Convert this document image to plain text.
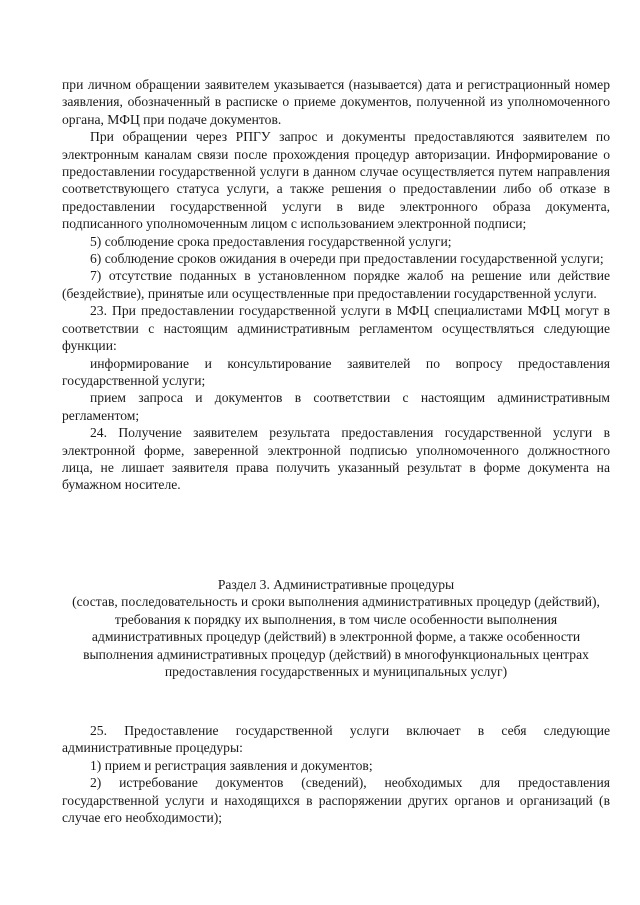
при личном обращении заявителем указывается (называется) дата и регистрационный номер заявления, обозначенный в расписке о приеме документов, полученной из уполномоченного органа, МФЦ при подаче документов.

При обращении через РПГУ запрос и документы предоставляются заявителем по электронным каналам связи после прохождения процедур авторизации. Информирование о предоставлении государственной услуги в данном случае осуществляется путем направления соответствующего статуса услуги, а также решения о предоставлении либо об отказе в предоставлении государственной услуги в виде электронного образа документа, подписанного уполномоченным лицом с использованием электронной подписи;

5) соблюдение срока предоставления государственной услуги;

6) соблюдение сроков ожидания в очереди при предоставлении государственной услуги;

7) отсутствие поданных в установленном порядке жалоб на решение или действие (бездействие), принятые или осуществленные при предоставлении государственной услуги.

23. При предоставлении государственной услуги в МФЦ специалистами МФЦ могут в соответствии с настоящим административным регламентом осуществляться следующие функции:

информирование и консультирование заявителей по вопросу предоставления государственной услуги;

прием запроса и документов в соответствии с настоящим административным регламентом;

24. Получение заявителем результата предоставления государственной услуги в электронной форме, заверенной электронной подписью уполномоченного должностного лица, не лишает заявителя права получить указанный результат в форме документа на бумажном носителе.

Раздел 3. Административные процедуры

(состав, последовательность и сроки выполнения административных процедур (действий), требования к порядку их выполнения, в том числе особенности выполнения административных процедур (действий) в электронной форме, а также особенности выполнения административных процедур (действий) в многофункциональных центрах предоставления государственных и муниципальных услуг)

25. Предоставление государственной услуги включает в себя следующие административные процедуры:

1) прием и регистрация заявления и документов;

2) истребование документов (сведений), необходимых для предоставления государственной услуги и находящихся в распоряжении других органов и организаций (в случае его необходимости);
